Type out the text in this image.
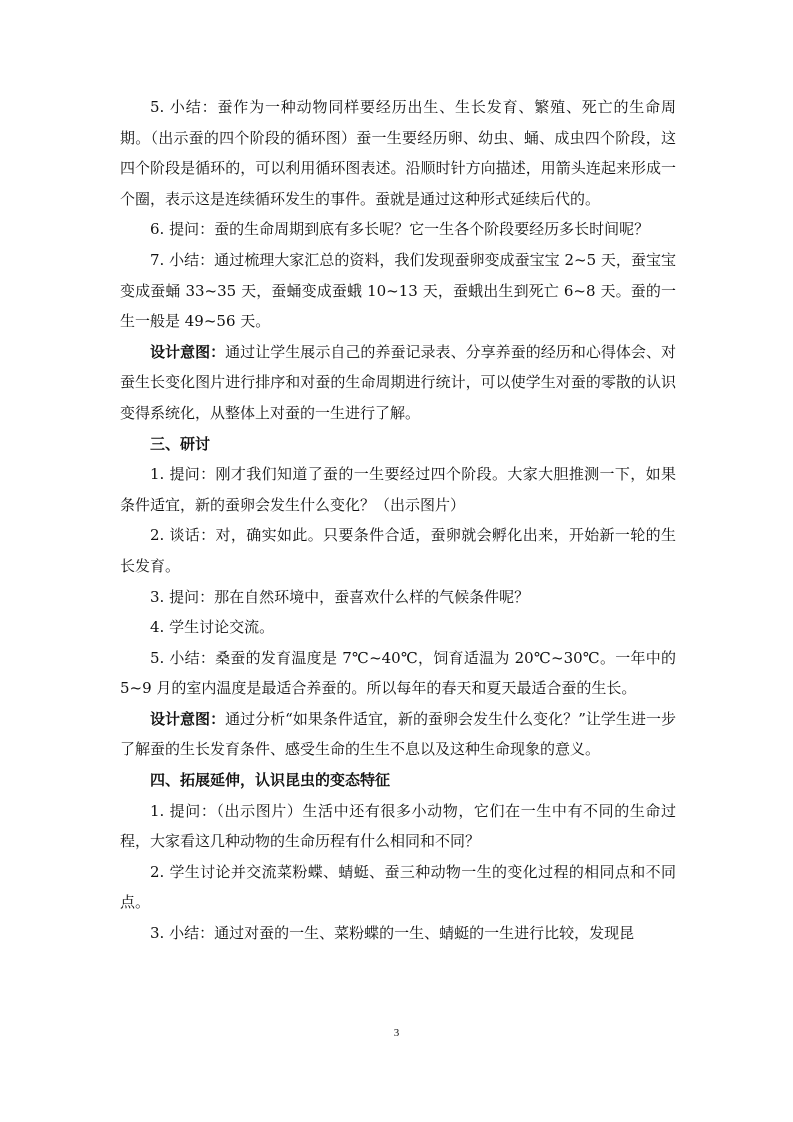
5. 小结：蚕作为一种动物同样要经历出生、生长发育、繁殖、死亡的生命周期。（出示蚕的四个阶段的循环图）蚕一生要经历卵、幼虫、蛹、成虫四个阶段，这四个阶段是循环的，可以利用循环图表述。沿顺时针方向描述，用箭头连起来形成一个圈，表示这是连续循环发生的事件。蚕就是通过这种形式延续后代的。

6. 提问：蚕的生命周期到底有多长呢？它一生各个阶段要经历多长时间呢？

7. 小结：通过梳理大家汇总的资料，我们发现蚕卵变成蚕宝宝 2~5 天，蚕宝宝变成蚕蛹 33~35 天，蚕蛹变成蚕蛾 10~13 天，蚕蛾出生到死亡 6~8 天。蚕的一生一般是 49~56 天。

设计意图：通过让学生展示自己的养蚕记录表、分享养蚕的经历和心得体会、对蚕生长变化图片进行排序和对蚕的生命周期进行统计，可以使学生对蚕的零散的认识变得系统化，从整体上对蚕的一生进行了解。

三、研讨

1. 提问：刚才我们知道了蚕的一生要经过四个阶段。大家大胆推测一下，如果条件适宜，新的蚕卵会发生什么变化？（出示图片）

2. 谈话：对，确实如此。只要条件合适，蚕卵就会孵化出来，开始新一轮的生长发育。

3. 提问：那在自然环境中，蚕喜欢什么样的气候条件呢？

4. 学生讨论交流。

5. 小结：桑蚕的发育温度是 7℃~40℃，饲育适温为 20℃~30℃。一年中的 5~9 月的室内温度是最适合养蚕的。所以每年的春天和夏天最适合蚕的生长。

设计意图：通过分析“如果条件适宜，新的蚕卵会发生什么变化？”让学生进一步了解蚕的生长发育条件、感受生命的生生不息以及这种生命现象的意义。

四、拓展延伸，认识昆虫的变态特征

1. 提问：（出示图片）生活中还有很多小动物，它们在一生中有不同的生命过程，大家看这几种动物的生命历程有什么相同和不同？

2. 学生讨论并交流菜粉蝶、蜻蜓、蚕三种动物一生的变化过程的相同点和不同点。

3. 小结：通过对蚕的一生、菜粉蝶的一生、蜻蜓的一生进行比较，发现昆

3
